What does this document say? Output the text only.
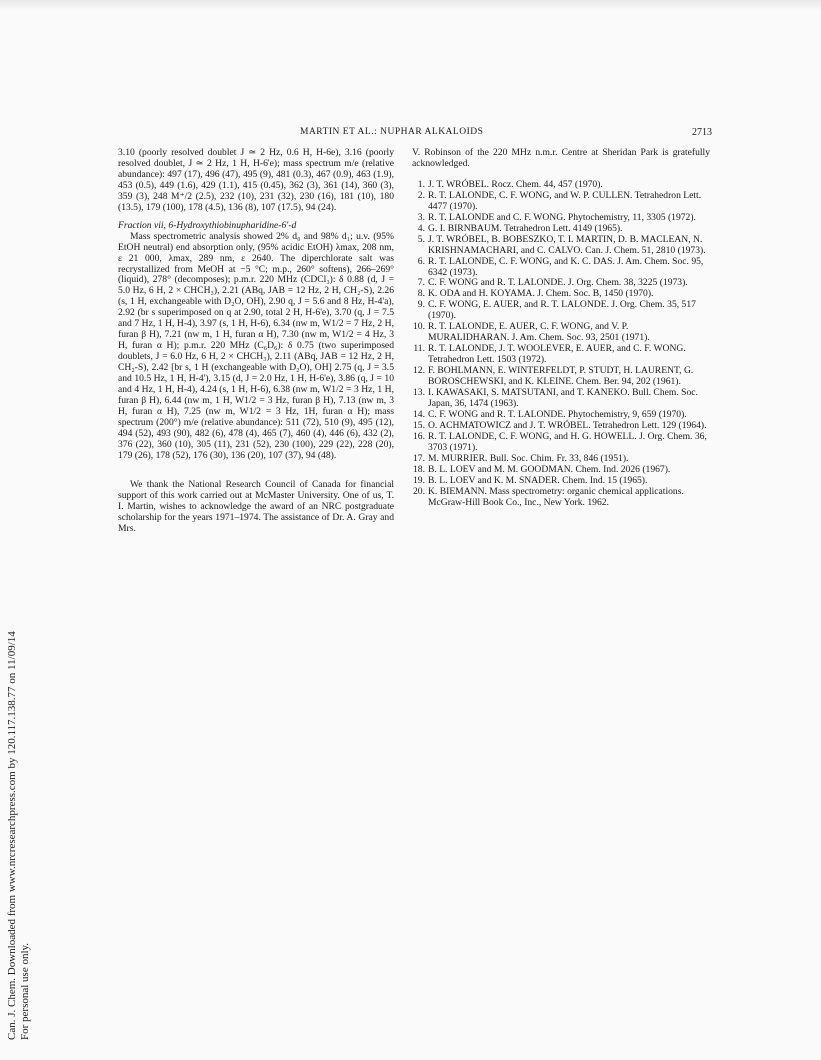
Can. J. Chem. Downloaded from www.nrcresearchpress.com by 120.117.138.77 on 11/09/14 For personal use only.
MARTIN ET AL.: NUPHAR ALKALOIDS	2713

3.10 (poorly resolved doublet J ≃ 2 Hz, 0.6 H, H-6e), 3.16 (poorly resolved doublet, J ≃ 2 Hz, 1 H, H-6'e); mass spectrum m/e (relative abundance): 497 (17), 496 (47), 495 (9), 481 (0.3), 467 (0.9), 463 (1.9), 453 (0.5), 449 (1.6), 429 (1.1), 415 (0.45), 362 (3), 361 (14), 360 (3), 359 (3), 248 M⁺/2 (2.5), 232 (10), 231 (32), 230 (16), 181 (10), 180 (13.5), 179 (100), 178 (4.5), 136 (8), 107 (17.5), 94 (24).

Fraction vii, 6-Hydroxythiobinupharidine-6'-d

Mass spectrometric analysis showed 2% d₀ and 98% d₁; u.v. (95% EtOH neutral) end absorption only, (95% acidic EtOH) λmax, 208 nm, ε 21 000, λmax, 289 nm, ε 2640. The diperchlorate salt was recrystallized from MeOH at −5 °C; m.p., 260° softens), 266–269° (liquid), 278° (decomposes); p.m.r. 220 MHz (CDCl₃): δ 0.88 (d, J = 5.0 Hz, 6 H, 2 × CHCH₃), 2.21 (ABq, JAB = 12 Hz, 2 H, CH₂-S), 2.26 (s, 1 H, exchangeable with D₂O, OH), 2.90 q, J = 5.6 and 8 Hz, H-4'a), 2.92 (br s superimposed on q at 2.90, total 2 H, H-6'e), 3.70 (q, J = 7.5 and 7 Hz, 1 H, H-4), 3.97 (s, 1 H, H-6), 6.34 (nw m, W1/2 = 7 Hz, 2 H, furan β H), 7.21 (nw m, 1 H, furan α H), 7.30 (nw m, W1/2 = 4 Hz, 3 H, furan α H); p.m.r. 220 MHz (C₆D₆): δ 0.75 (two superimposed doublets, J = 6.0 Hz, 6 H, 2 × CHCH₃), 2.11 (ABq, JAB = 12 Hz, 2 H, CH₂-S), 2.42 [br s, 1 H (exchangeable with D₂O), OH] 2.75 (q, J = 3.5 and 10.5 Hz, 1 H, H-4'), 3.15 (d, J = 2.0 Hz, 1 H, H-6'e), 3.86 (q, J = 10 and 4 Hz, 1 H, H-4), 4.24 (s, 1 H, H-6), 6.38 (nw m, W1/2 = 3 Hz, 1 H, furan β H), 6.44 (nw m, 1 H, W1/2 = 3 Hz, furan β H), 7.13 (nw m, 3 H, furan α H), 7.25 (nw m, W1/2 = 3 Hz, 1H, furan α H); mass spectrum (200°) m/e (relative abundance): 511 (72), 510 (9), 495 (12), 494 (52), 493 (90), 482 (6), 478 (4), 465 (7), 460 (4), 446 (6), 432 (2), 376 (22), 360 (10), 305 (11), 231 (52), 230 (100), 229 (22), 228 (20), 179 (26), 178 (52), 176 (30), 136 (20), 107 (37), 94 (48).

We thank the National Research Council of Canada for financial support of this work carried out at McMaster University. One of us, T. I. Martin, wishes to acknowledge the award of an NRC postgraduate scholarship for the years 1971–1974. The assistance of Dr. A. Gray and Mrs.

V. Robinson of the 220 MHz n.m.r. Centre at Sheridan Park is gratefully acknowledged.

1 . J. T. WRÓBEL. Rocz. Chem. 44, 457 (1970).
2 . R. T. LALONDE, C. F. WONG, and W. P. CULLEN. Tetrahedron Lett. 4477 (1970).
3 . R. T. LALONDE and C. F. WONG. Phytochemistry, 11, 3305 (1972).
4 . G. I. BIRNBAUM. Tetrahedron Lett. 4149 (1965).
5 . J. T. WRÓBEL, B. BOBESZKO, T. I. MARTIN, D. B. MACLEAN, N. KRISHNAMACHARI, and C. CALVO. Can. J. Chem. 51, 2810 (1973).
6 . R. T. LALONDE, C. F. WONG, and K. C. DAS. J. Am. Chem. Soc. 95, 6342 (1973).
7 . C. F. WONG and R. T. LALONDE. J. Org. Chem. 38, 3225 (1973).
8 . K. ODA and H. KOYAMA. J. Chem. Soc. B, 1450 (1970).
9 . C. F. WONG, E. AUER, and R. T. LALONDE. J. Org. Chem. 35, 517 (1970).
10 . R. T. LALONDE, E. AUER, C. F. WONG, and V. P. MURALIDHARAN. J. Am. Chem. Soc. 93, 2501 (1971).
11 . R. T. LALONDE, J. T. WOOLEVER, E. AUER, and C. F. WONG. Tetrahedron Lett. 1503 (1972).
12 . F. BOHLMANN, E. WINTERFELDT, P. STUDT, H. LAURENT, G. BOROSCHEWSKI, and K. KLEINE. Chem. Ber. 94, 202 (1961).
13 . I. KAWASAKI, S. MATSUTANI, and T. KANEKO. Bull. Chem. Soc. Japan, 36, 1474 (1963).
14 . C. F. WONG and R. T. LALONDE. Phytochemistry, 9, 659 (1970).
15 . O. ACHMATOWICZ and J. T. WRÓBEL. Tetrahedron Lett. 129 (1964).
16 . R. T. LALONDE, C. F. WONG, and H. G. HOWELL. J. Org. Chem. 36, 3703 (1971).
17 . M. MURRIER. Bull. Soc. Chim. Fr. 33, 846 (1951).
18 . B. L. LOEV and M. M. GOODMAN. Chem. Ind. 2026 (1967).
19 . B. L. LOEV and K. M. SNADER. Chem. Ind. 15 (1965).
20 . K. BIEMANN. Mass spectrometry: organic chemical applications. McGraw-Hill Book Co., Inc., New York. 1962.
